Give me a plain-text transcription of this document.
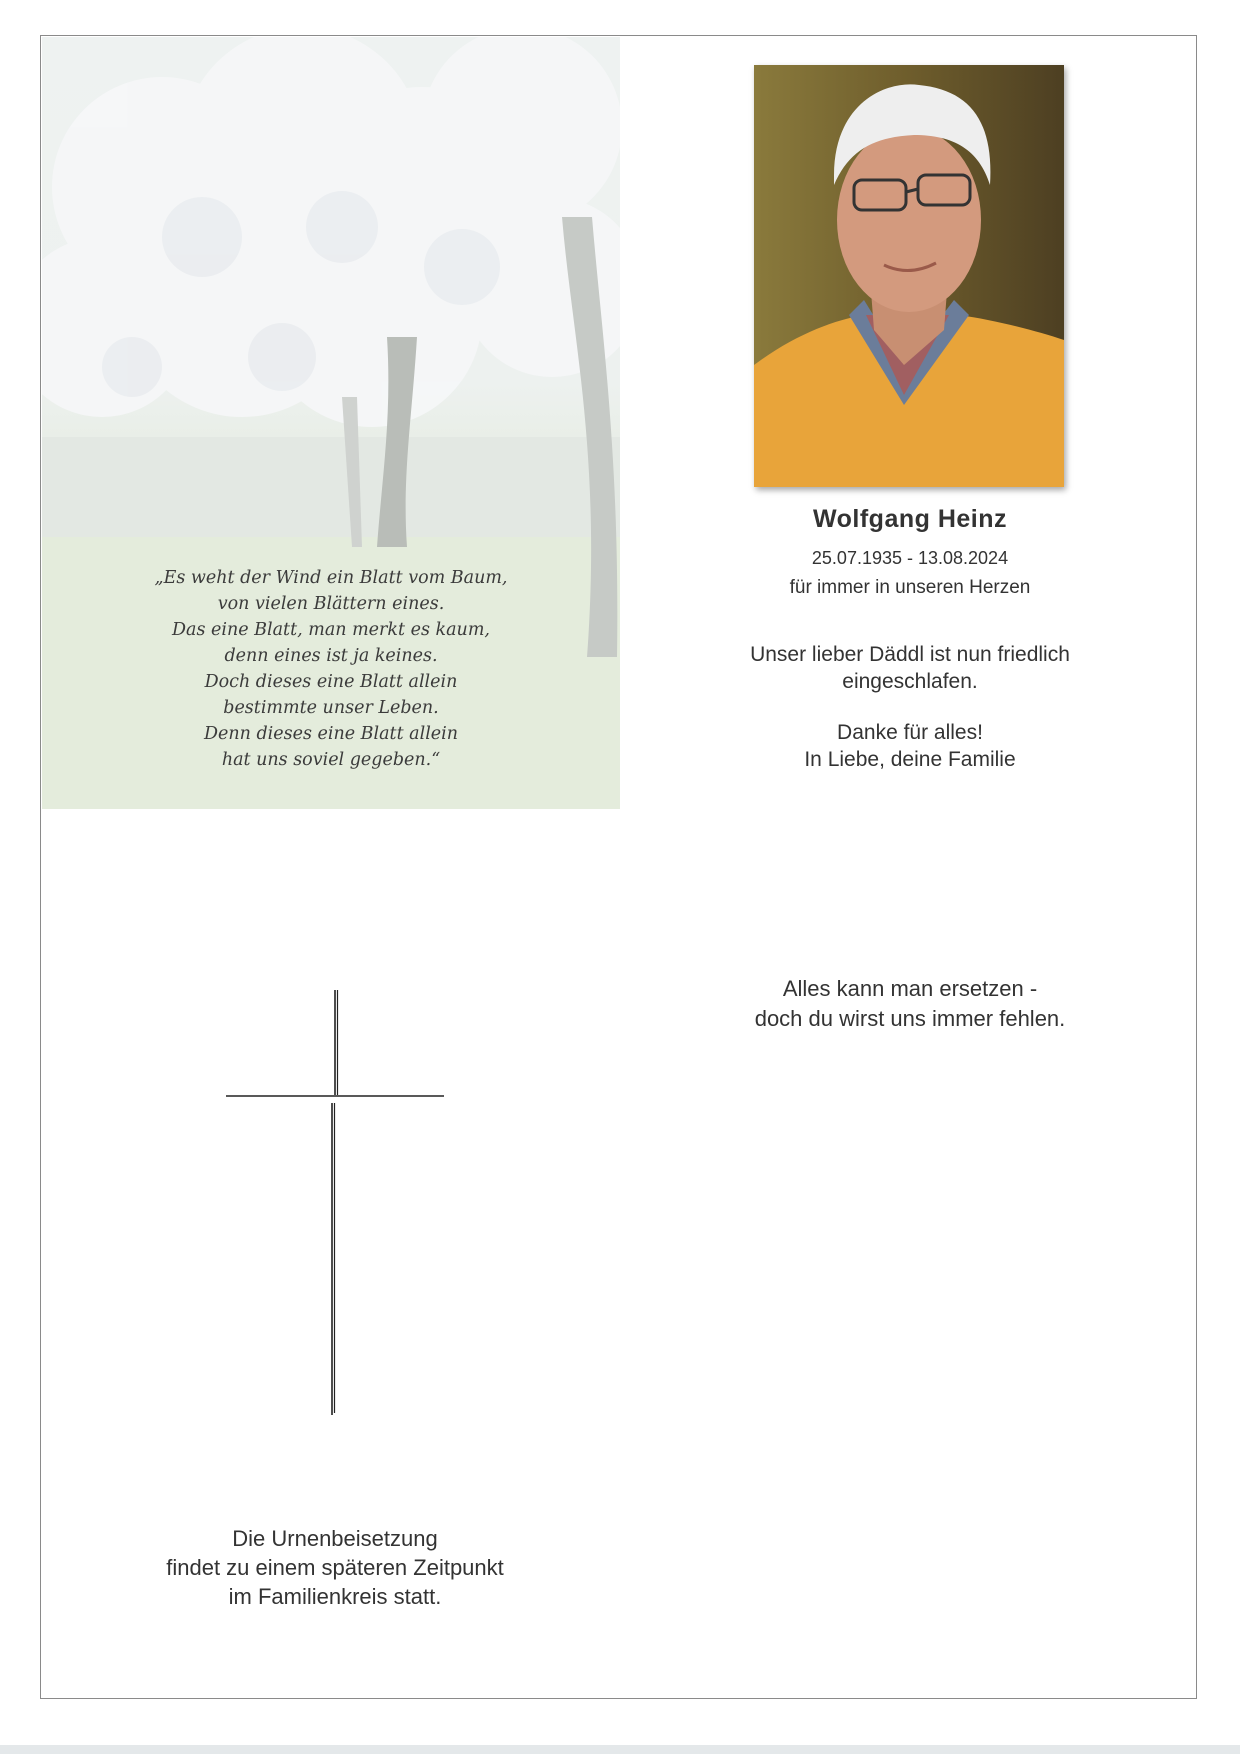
„Es weht der Wind ein Blatt vom Baum,
von vielen Blättern eines.
Das eine Blatt, man merkt es kaum,
denn eines ist ja keines.
Doch dieses eine Blatt allein
bestimmte unser Leben.
Denn dieses eine Blatt allein
hat uns soviel gegeben.“
Wolfgang Heinz
25.07.1935 - 13.08.2024
für immer in unseren Herzen
Unser lieber Däddl ist nun friedlich
eingeschlafen.
Danke für alles!
In Liebe, deine Familie
Alles kann man ersetzen -
doch du wirst uns immer fehlen.
Die Urnenbeisetzung
findet zu einem späteren Zeitpunkt
im Familienkreis statt.
